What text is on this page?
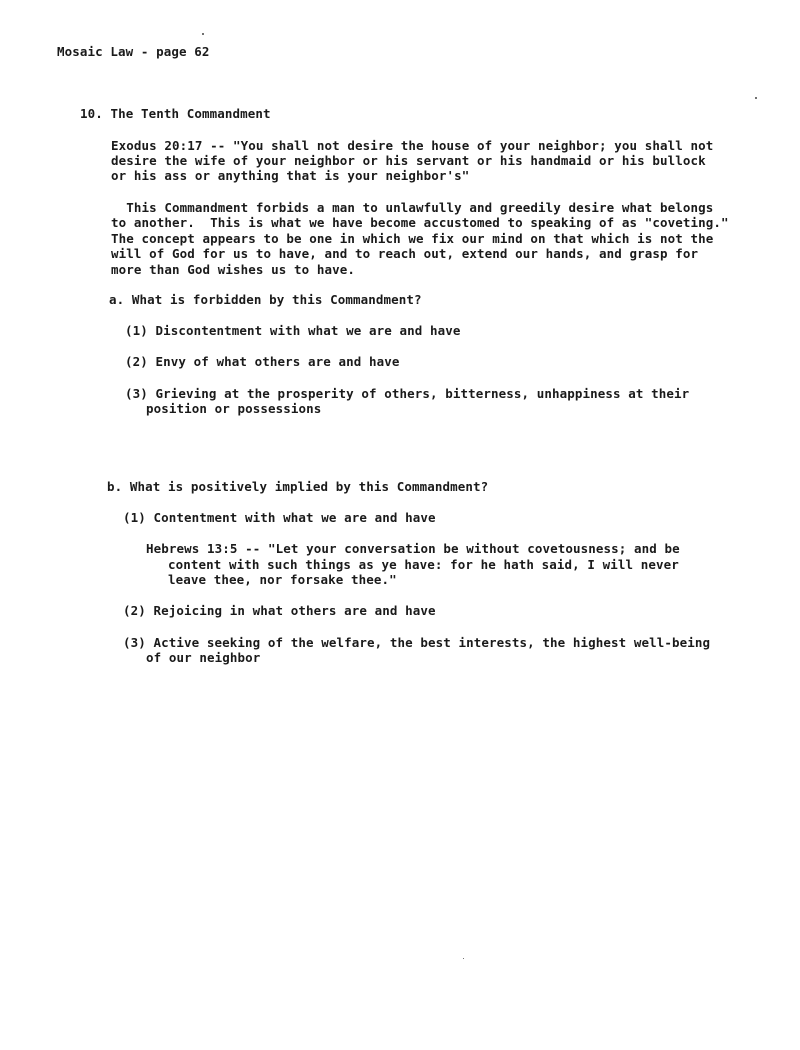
Mosaic Law - page 62
10. The Tenth Commandment
Exodus 20:17 -- "You shall not desire the house of your neighbor; you shall not
desire the wife of your neighbor or his servant or his handmaid or his bullock
or his ass or anything that is your neighbor's"
This Commandment forbids a man to unlawfully and greedily desire what belongs
to another.  This is what we have become accustomed to speaking of as "coveting."
The concept appears to be one in which we fix our mind on that which is not the
will of God for us to have, and to reach out, extend our hands, and grasp for
more than God wishes us to have.
a. What is forbidden by this Commandment?
(1) Discontentment with what we are and have
(2) Envy of what others are and have
(3) Grieving at the prosperity of others, bitterness, unhappiness at their
position or possessions
b. What is positively implied by this Commandment?
(1) Contentment with what we are and have
Hebrews 13:5 -- "Let your conversation be without covetousness; and be
content with such things as ye have: for he hath said, I will never
leave thee, nor forsake thee."
(2) Rejoicing in what others are and have
(3) Active seeking of the welfare, the best interests, the highest well-being
of our neighbor
